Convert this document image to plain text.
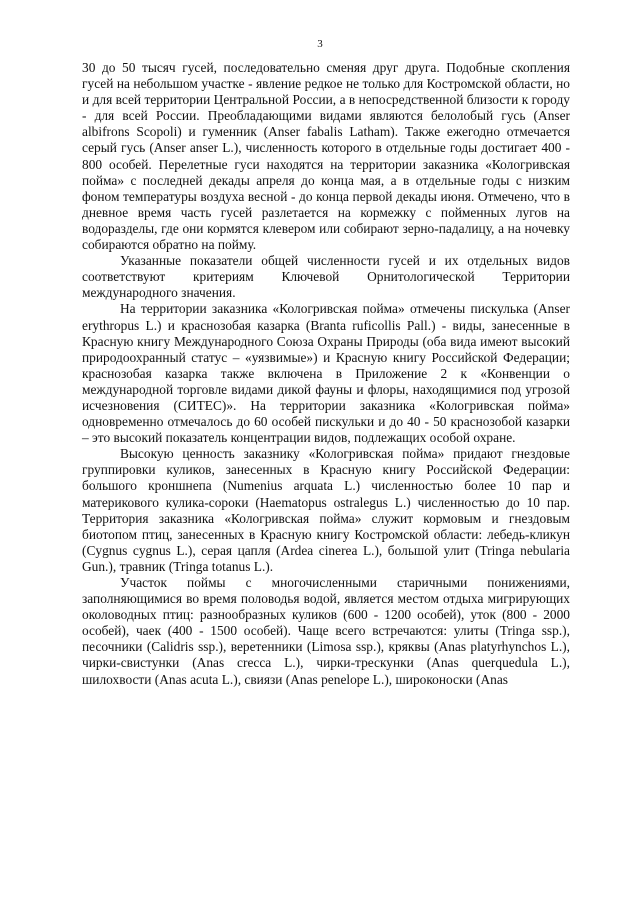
3

30 до 50 тысяч гусей, последовательно сменяя друг друга. Подобные скопления гусей на небольшом участке - явление редкое не только для Костромской области, но и для всей территории Центральной России, а в непосредственной близости к городу - для всей России. Преобладающими видами являются белолобый гусь (Anser albifrons Scopoli) и гуменник (Anser fabalis Latham). Также ежегодно отмечается серый гусь (Anser anser L.), численность которого в отдельные годы достигает 400 - 800 особей. Перелетные гуси находятся на территории заказника «Кологривская пойма» с последней декады апреля до конца мая, а в отдельные годы с низким фоном температуры воздуха весной - до конца первой декады июня. Отмечено, что в дневное время часть гусей разлетается на кормежку с пойменных лугов на водоразделы, где они кормятся клевером или собирают зерно-падалицу, а на ночевку собираются обратно на пойму.

Указанные показатели общей численности гусей и их отдельных видов соответствуют критериям Ключевой Орнитологической Территории международного значения.

На территории заказника «Кологривская пойма» отмечены пискулька (Anser erythropus L.) и краснозобая казарка (Branta ruficollis Pall.) - виды, занесенные в Красную книгу Международного Союза Охраны Природы (оба вида имеют высокий природоохранный статус – «уязвимые») и Красную книгу Российской Федерации; краснозобая казарка также включена в Приложение 2 к «Конвенции о международной торговле видами дикой фауны и флоры, находящимися под угрозой исчезновения (СИТЕС)». На территории заказника «Кологривская пойма» одновременно отмечалось до 60 особей пискульки и до 40 - 50 краснозобой казарки – это высокий показатель концентрации видов, подлежащих особой охране.

Высокую ценность заказнику «Кологривская пойма» придают гнездовые группировки куликов, занесенных в Красную книгу Российской Федерации: большого кроншнепа (Numenius arquata L.) численностью более 10 пар и материкового кулика-сороки (Haematopus ostralegus L.) численностью до 10 пар. Территория заказника «Кологривская пойма» служит кормовым и гнездовым биотопом птиц, занесенных в Красную книгу Костромской области: лебедь-кликун (Cygnus cygnus L.), серая цапля (Ardea cinerea L.), большой улит (Tringa nebularia Gun.), травник (Tringa totanus L.).

Участок поймы с многочисленными старичными понижениями, заполняющимися во время половодья водой, является местом отдыха мигрирующих околоводных птиц: разнообразных куликов (600 - 1200 особей), уток (800 - 2000 особей), чаек (400 - 1500 особей). Чаще всего встречаются: улиты (Tringa ssp.), песочники (Calidris ssp.), веретенники (Limosa ssp.), кряквы (Anas platyrhynchos L.), чирки-свистунки (Anas crecca L.), чирки-трескунки (Anas querquedula L.), шилохвости (Anas acuta L.), свиязи (Anas penelope L.), широконоски (Anas
